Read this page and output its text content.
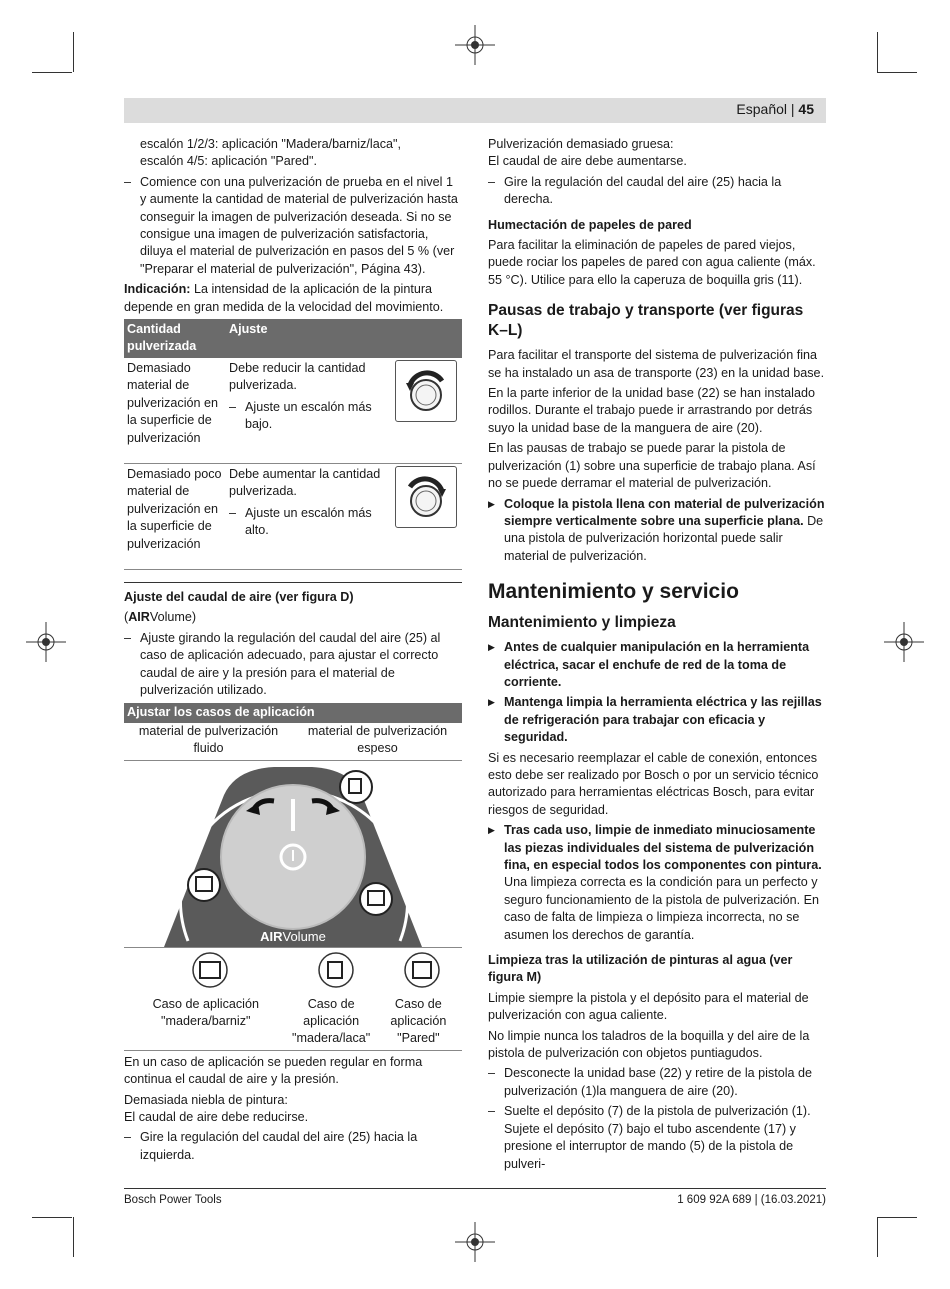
Español | 45
escalón 1/2/3: aplicación "Madera/barniz/laca",
escalón 4/5: aplicación "Pared".
– Comience con una pulverización de prueba en el nivel 1 y aumente la cantidad de material de pulverización hasta conseguir la imagen de pulverización deseada. Si no se consigue una imagen de pulverización satisfactoria, diluya el material de pulverización en pasos del 5 % (ver "Preparar el material de pulverización", Página 43).

Indicación: La intensidad de la aplicación de la pintura depende en gran medida de la velocidad del movimiento.

Cantidad pulverizada	Ajuste	
Demasiado material de pulverización en la superficie de pulverización	Debe reducir la cantidad pulverizada.
– Ajuste un escalón más bajo.

Demasiado poco material de pulverización en la superficie de pulverización	Debe aumentar la cantidad pulverizada.
– Ajuste un escalón más alto.

Ajuste del caudal de aire (ver figura D)

(AIRVolume)

– Ajuste girando la regulación del caudal del aire (25) al caso de aplicación adecuado, para ajustar el correcto caudal de aire y la presión para el material de pulverización utilizado.
Ajustar los casos de aplicación
material de pulverización fluido
material de pulverización espeso
AIRVolume
Caso de aplicación "madera/barniz"
Caso de aplicación "madera/laca"
Caso de aplicación "Pared"

En un caso de aplicación se pueden regular en forma continua el caudal de aire y la presión.

Demasiada niebla de pintura:

El caudal de aire debe reducirse.

– Gire la regulación del caudal del aire (25) hacia la izquierda.
Pulverización demasiado gruesa:

El caudal de aire debe aumentarse.

– Gire la regulación del caudal del aire (25) hacia la derecha.
Humectación de papeles de pared

Para facilitar la eliminación de papeles de pared viejos, puede rociar los papeles de pared con agua caliente (máx. 55 °C). Utilice para ello la caperuza de boquilla gris (11).

Pausas de trabajo y transporte (ver figuras K–L)

Para facilitar el transporte del sistema de pulverización fina se ha instalado un asa de transporte (23) en la unidad base.

En la parte inferior de la unidad base (22) se han instalado rodillos. Durante el trabajo puede ir arrastrando por detrás suyo la unidad base de la manguera de aire (20).

En las pausas de trabajo se puede parar la pistola de pulverización (1) sobre una superficie de trabajo plana. Así no se puede derramar el material de pulverización.

▶ Coloque la pistola llena con material de pulverización siempre verticalmente sobre una superficie plana. De una pistola de pulverización horizontal puede salir material de pulverización.
Mantenimiento y servicio
Mantenimiento y limpieza
▶ Antes de cualquier manipulación en la herramienta eléctrica, sacar el enchufe de red de la toma de corriente.
▶ Mantenga limpia la herramienta eléctrica y las rejillas de refrigeración para trabajar con eficacia y seguridad.

Si es necesario reemplazar el cable de conexión, entonces esto debe ser realizado por Bosch o por un servicio técnico autorizado para herramientas eléctricas Bosch, para evitar riesgos de seguridad.

▶ Tras cada uso, limpie de inmediato minuciosamente las piezas individuales del sistema de pulverización fina, en especial todos los componentes con pintura. Una limpieza correcta es la condición para un perfecto y seguro funcionamiento de la pistola de pulverización. En caso de falta de limpieza o limpieza incorrecta, no se asumen los derechos de garantía.
Limpieza tras la utilización de pinturas al agua (ver figura M)

Limpie siempre la pistola y el depósito para el material de pulverización con agua caliente.

No limpie nunca los taladros de la boquilla y del aire de la pistola de pulverización con objetos puntiagudos.

– Desconecte la unidad base (22) y retire de la pistola de pulverización (1)la manguera de aire (20).
– Suelte el depósito (7) de la pistola de pulverización (1). Sujete el depósito (7) bajo el tubo ascendente (17) y presione el interruptor de mando (5) de la pistola de pulveri-
Bosch Power Tools	1 609 92A 689 | (16.03.2021)
